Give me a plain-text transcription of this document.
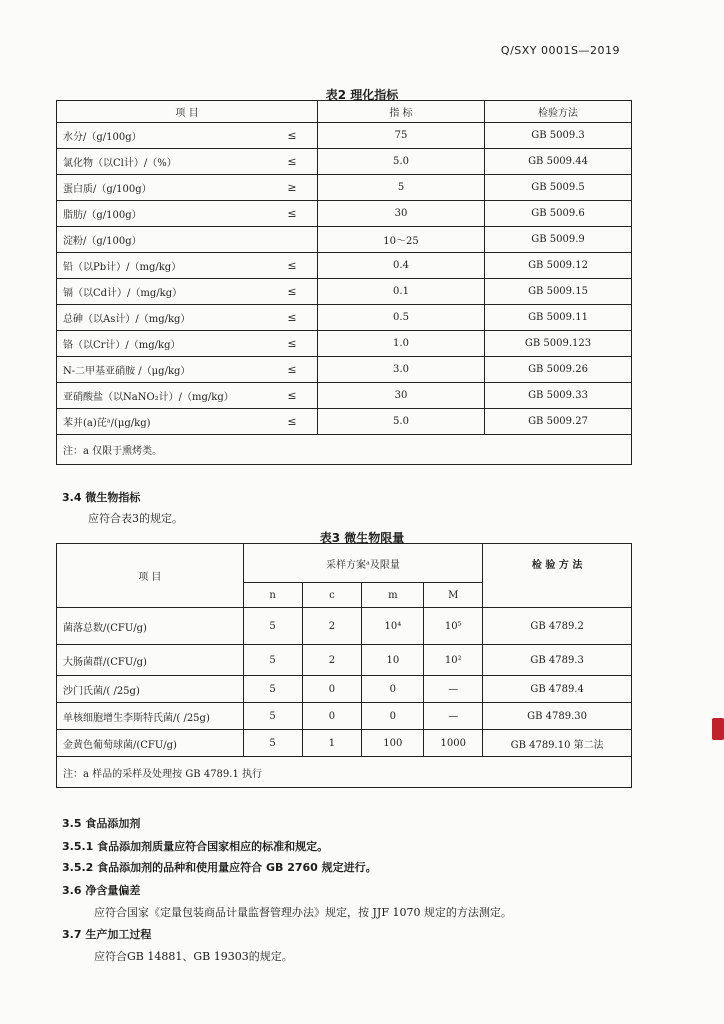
Q/SXY 0001S—2019
表2 理化指标
项 目		指 标	检验方法
水分/（g/100g）	≤	75	GB 5009.3
氯化物（以Cl计）/（%）	≤	5.0	GB 5009.44
蛋白质/（g/100g）	≥	5	GB 5009.5
脂肪/（g/100g）	≤	30	GB 5009.6
淀粉/（g/100g）		10～25	GB 5009.9
铅（以Pb计）/（mg/kg）	≤	0.4	GB 5009.12
镉（以Cd计）/（mg/kg）	≤	0.1	GB 5009.15
总砷（以As计）/（mg/kg）	≤	0.5	GB 5009.11
铬（以Cr计）/（mg/kg）	≤	1.0	GB 5009.123
N-二甲基亚硝胺 /（μg/kg）	≤	3.0	GB 5009.26
亚硝酸盐（以NaNO₂计）/（mg/kg）	≤	30	GB 5009.33
苯并(a)芘ᵃ/(μg/kg)	≤	5.0	GB 5009.27
注：a 仅限于熏烤类。			
3.4 微生物指标
应符合表3的规定。
表3 微生物限量
项 目	采样方案ᵃ及限量				检 验 方 法
	n	c	m	M	
菌落总数/(CFU/g)	5	2	10⁴	10⁵	GB 4789.2
大肠菌群/(CFU/g)	5	2	10	10²	GB 4789.3
沙门氏菌/( /25g)	5	0	0	—	GB 4789.4
单核细胞增生李斯特氏菌/( /25g)	5	0	0	—	GB 4789.30
金黄色葡萄球菌/(CFU/g)	5	1	100	1000	GB 4789.10 第二法
注：a 样品的采样及处理按 GB 4789.1 执行					
3.5 食品添加剂
3.5.1 食品添加剂质量应符合国家相应的标准和规定。
3.5.2 食品添加剂的品种和使用量应符合 GB 2760 规定进行。
3.6 净含量偏差
应符合国家《定量包装商品计量监督管理办法》规定，按 JJF 1070 规定的方法测定。
3.7 生产加工过程
应符合GB 14881、GB 19303的规定。
